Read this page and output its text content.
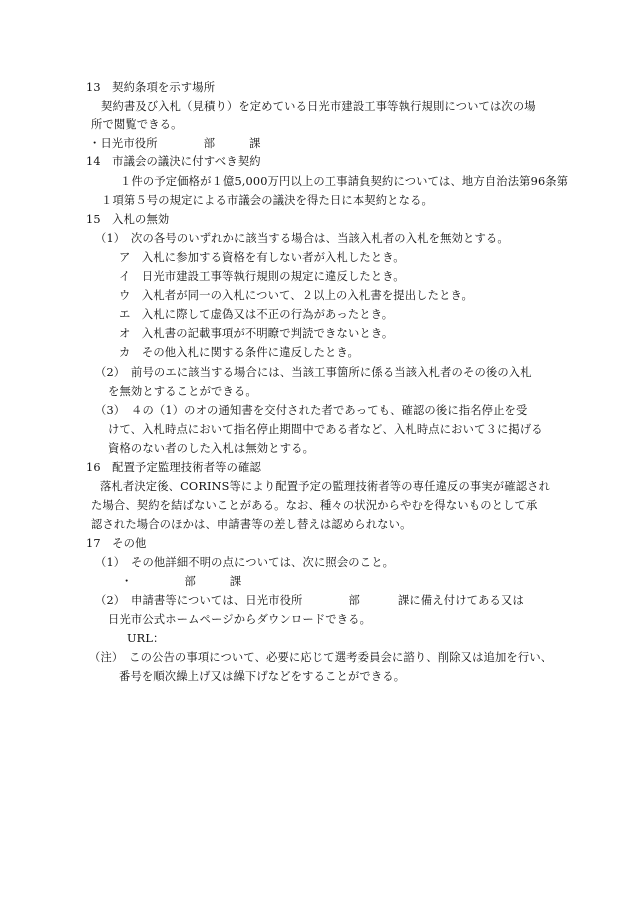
13　契約条項を示す場所
契約書及び入札（見積り）を定めている日光市建設工事等執行規則については次の場
所で閲覧できる。
・日光市役所	部	課
14　市議会の議決に付すべき契約
１件の予定価格が１億5,000万円以上の工事請負契約については、地方自治法第96条第
１項第５号の規定による市議会の議決を得た日に本契約となる。
15　入札の無効
（1）　次の各号のいずれかに該当する場合は、当該入札者の入札を無効とする。
ア　入札に参加する資格を有しない者が入札したとき。
イ　日光市建設工事等執行規則の規定に違反したとき。
ウ　入札者が同一の入札について、２以上の入札書を提出したとき。
エ　入札に際して虚偽又は不正の行為があったとき。
オ　入札書の記載事項が不明瞭で判読できないとき。
カ　その他入札に関する条件に違反したとき。
（2）　前号のエに該当する場合には、当該工事箇所に係る当該入札者のその後の入札
を無効とすることができる。
（3）　４の（1）のオの通知書を交付された者であっても、確認の後に指名停止を受
けて、入札時点において指名停止期間中である者など、入札時点において３に掲げる
資格のない者のした入札は無効とする。
16　配置予定監理技術者等の確認
落札者決定後、CORINS等により配置予定の監理技術者等の専任違反の事実が確認され
た場合、契約を結ばないことがある。なお、種々の状況からやむを得ないものとして承
認された場合のほかは、申請書等の差し替えは認められない。
17　その他
（1）　その他詳細不明の点については、次に照会のこと。
・	部	課
（2）　申請書等については、日光市役所	部	課に備え付けてある又は
日光市公式ホームページからダウンロードできる。
URL：
（注）　この公告の事項について、必要に応じて選考委員会に諮り、削除又は追加を行い、
番号を順次繰上げ又は繰下げなどをすることができる。
